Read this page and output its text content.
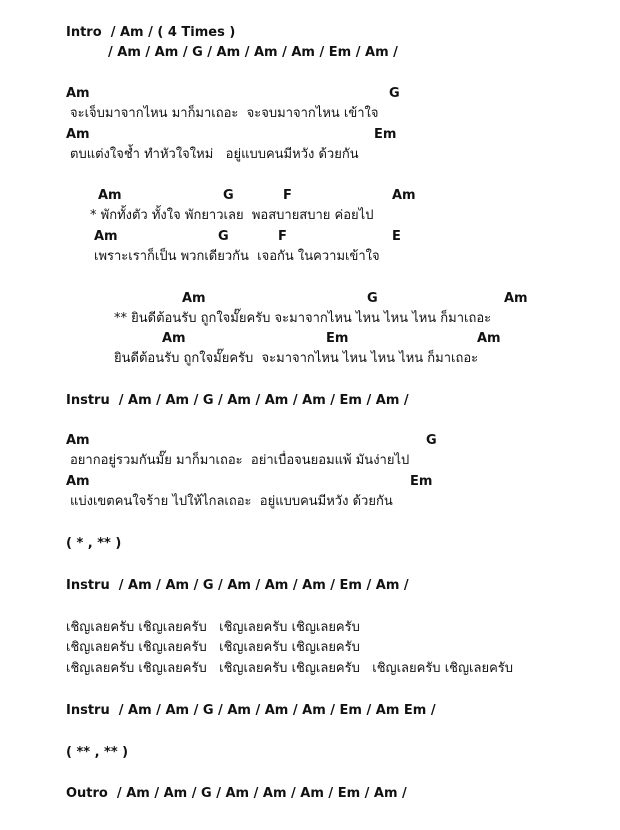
Intro  / Am / ( 4 Times )
/ Am / Am / G / Am / Am / Am / Em / Am /
Am	G
จะเจ็บมาจากไหน มาก็มาเถอะ  จะจบมาจากไหน เข้าใจ
Am	Em
ตบแต่งใจช้ำ ทำหัวใจใหม่   อยู่แบบคนมีหวัง ด้วยกัน
Am	G	F	Am
* พักทั้งตัว ทั้งใจ พักยาวเลย  พอสบายสบาย ค่อยไป
Am	G	F	E
เพราะเราก็เป็น พวกเดียวกัน  เจอกัน ในความเข้าใจ
Am	G	Am
** ยินดีต้อนรับ ถูกใจมั๊ยครับ จะมาจากไหน ไหน ไหน ไหน ก็มาเถอะ
Am	Em	Am
ยินดีต้อนรับ ถูกใจมั๊ยครับ  จะมาจากไหน ไหน ไหน ไหน ก็มาเถอะ
Instru  / Am / Am / G / Am / Am / Am / Em / Am /
Am	G
อยากอยู่รวมกันมั๊ย มาก็มาเถอะ  อย่าเบื่อจนยอมแพ้ มันง่ายไป
Am	Em
แบ่งเขตคนใจร้าย ไปให้ไกลเถอะ  อยู่แบบคนมีหวัง ด้วยกัน
( * , ** )
Instru  / Am / Am / G / Am / Am / Am / Em / Am /
เชิญเลยครับ เชิญเลยครับ   เชิญเลยครับ เชิญเลยครับ
เชิญเลยครับ เชิญเลยครับ   เชิญเลยครับ เชิญเลยครับ
เชิญเลยครับ เชิญเลยครับ   เชิญเลยครับ เชิญเลยครับ   เชิญเลยครับ เชิญเลยครับ
Instru  / Am / Am / G / Am / Am / Am / Em / Am Em /
( ** , ** )
Outro  / Am / Am / G / Am / Am / Am / Em / Am /
